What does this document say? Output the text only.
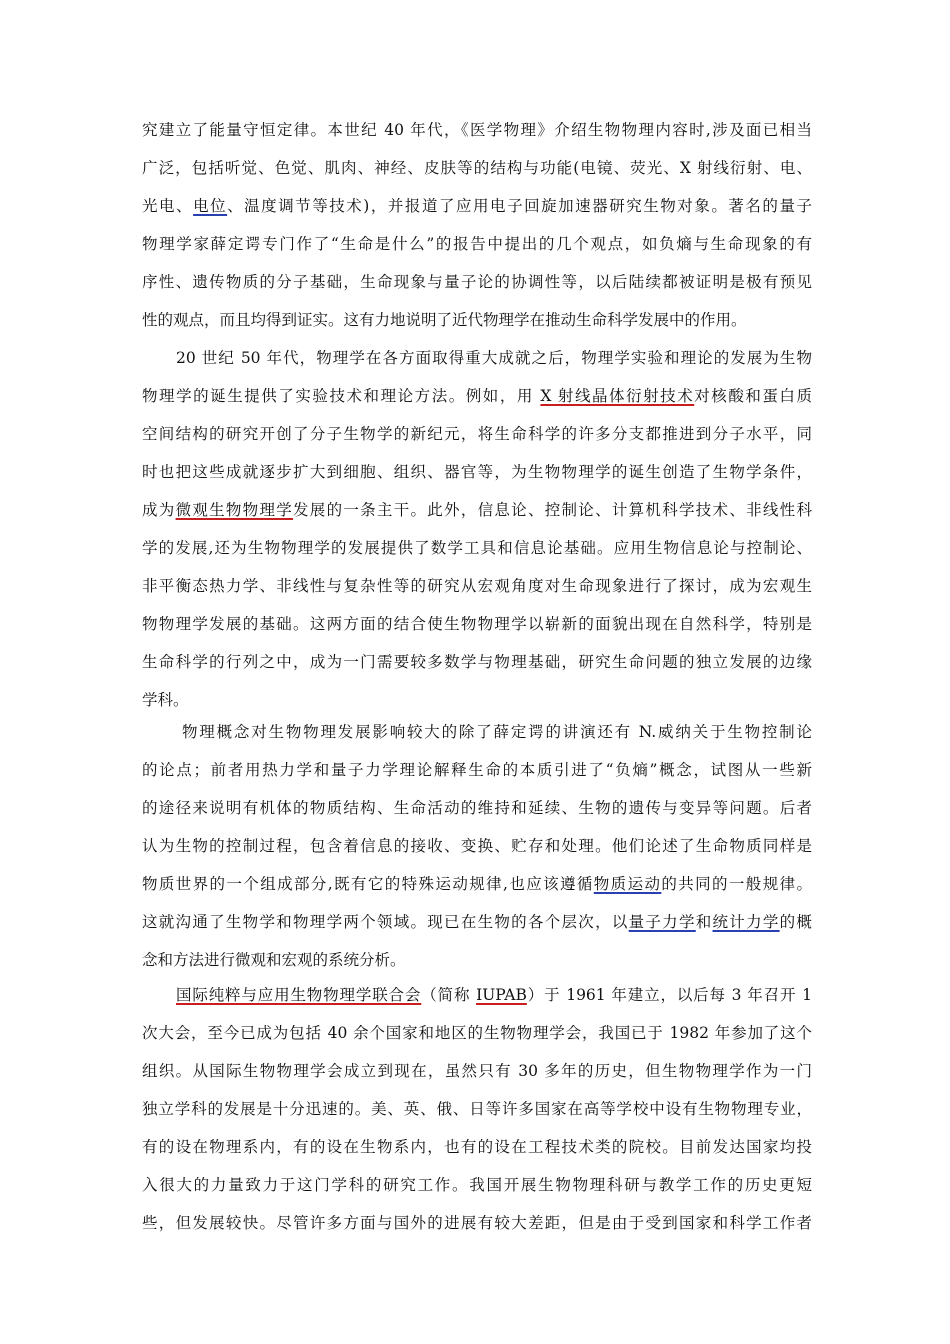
究建立了能量守恒定律。本世纪 40 年代，《医学物理》介绍生物物理内容时,涉及面已相当
广泛，包括听觉、色觉、肌肉、神经、皮肤等的结构与功能(电镜、荧光、X 射线衍射、电、
光电、电位、温度调节等技术)，并报道了应用电子回旋加速器研究生物对象。著名的量子
物理学家薛定谔专门作了“生命是什么”的报告中提出的几个观点，如负熵与生命现象的有
序性、遗传物质的分子基础，生命现象与量子论的协调性等，以后陆续都被证明是极有预见
性的观点，而且均得到证实。这有力地说明了近代物理学在推动生命科学发展中的作用。
20 世纪 50 年代，物理学在各方面取得重大成就之后，物理学实验和理论的发展为生物
物理学的诞生提供了实验技术和理论方法。例如，用 X 射线晶体衍射技术对核酸和蛋白质
空间结构的研究开创了分子生物学的新纪元，将生命科学的许多分支都推进到分子水平，同
时也把这些成就逐步扩大到细胞、组织、器官等，为生物物理学的诞生创造了生物学条件，
成为微观生物物理学发展的一条主干。此外，信息论、控制论、计算机科学技术、非线性科
学的发展,还为生物物理学的发展提供了数学工具和信息论基础。应用生物信息论与控制论、
非平衡态热力学、非线性与复杂性等的研究从宏观角度对生命现象进行了探讨，成为宏观生
物物理学发展的基础。这两方面的结合使生物物理学以崭新的面貌出现在自然科学，特别是
生命科学的行列之中，成为一门需要较多数学与物理基础，研究生命问题的独立发展的边缘
学科。
物理概念对生物物理发展影响较大的除了薛定谔的讲演还有 N.威纳关于生物控制论
的论点；前者用热力学和量子力学理论解释生命的本质引进了“负熵”概念，试图从一些新
的途径来说明有机体的物质结构、生命活动的维持和延续、生物的遗传与变异等问题。后者
认为生物的控制过程，包含着信息的接收、变换、贮存和处理。他们论述了生命物质同样是
物质世界的一个组成部分,既有它的特殊运动规律,也应该遵循物质运动的共同的一般规律。
这就沟通了生物学和物理学两个领域。现已在生物的各个层次，以量子力学和统计力学的概
念和方法进行微观和宏观的系统分析。
国际纯粹与应用生物物理学联合会（简称 IUPAB）于 1961 年建立，以后每 3 年召开 1
次大会，至今已成为包括 40 余个国家和地区的生物物理学会，我国已于 1982 年参加了这个
组织。从国际生物物理学会成立到现在，虽然只有 30 多年的历史，但生物物理学作为一门
独立学科的发展是十分迅速的。美、英、俄、日等许多国家在高等学校中设有生物物理专业，
有的设在物理系内，有的设在生物系内，也有的设在工程技术类的院校。目前发达国家均投
入很大的力量致力于这门学科的研究工作。我国开展生物物理科研与教学工作的历史更短
些，但发展较快。尽管许多方面与国外的进展有较大差距，但是由于受到国家和科学工作者
